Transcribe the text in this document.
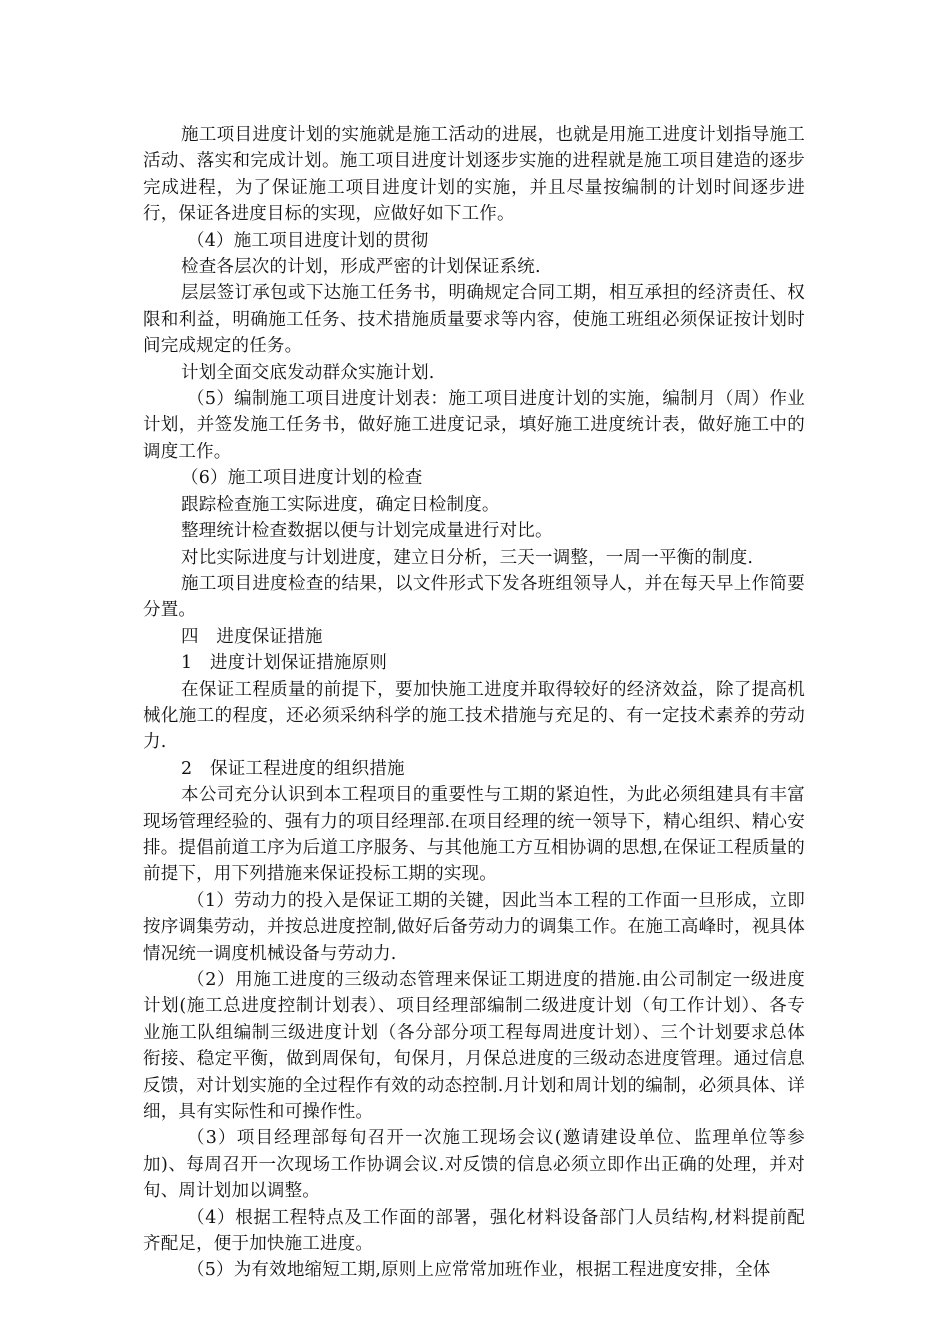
施工项目进度计划的实施就是施工活动的进展，也就是用施工进度计划指导施工活动、落实和完成计划。施工项目进度计划逐步实施的进程就是施工项目建造的逐步完成进程，为了保证施工项目进度计划的实施，并且尽量按编制的计划时间逐步进行，保证各进度目标的实现，应做好如下工作。

（4）施工项目进度计划的贯彻

检查各层次的计划，形成严密的计划保证系统.

层层签订承包或下达施工任务书，明确规定合同工期，相互承担的经济责任、权限和利益，明确施工任务、技术措施质量要求等内容，使施工班组必须保证按计划时间完成规定的任务。

计划全面交底发动群众实施计划.

（5）编制施工项目进度计划表：施工项目进度计划的实施，编制月（周）作业计划，并签发施工任务书，做好施工进度记录，填好施工进度统计表，做好施工中的调度工作。

（6）施工项目进度计划的检查

跟踪检查施工实际进度，确定日检制度。

整理统计检查数据以便与计划完成量进行对比。

对比实际进度与计划进度，建立日分析，三天一调整，一周一平衡的制度.

施工项目进度检查的结果，以文件形式下发各班组领导人，并在每天早上作简要分置。

四　进度保证措施

1　进度计划保证措施原则

在保证工程质量的前提下，要加快施工进度并取得较好的经济效益，除了提高机械化施工的程度，还必须采纳科学的施工技术措施与充足的、有一定技术素养的劳动力.

2　保证工程进度的组织措施

本公司充分认识到本工程项目的重要性与工期的紧迫性，为此必须组建具有丰富现场管理经验的、强有力的项目经理部.在项目经理的统一领导下，精心组织、精心安排。提倡前道工序为后道工序服务、与其他施工方互相协调的思想,在保证工程质量的前提下，用下列措施来保证投标工期的实现。

（1）劳动力的投入是保证工期的关键，因此当本工程的工作面一旦形成，立即按序调集劳动，并按总进度控制,做好后备劳动力的调集工作。在施工高峰时，视具体情况统一调度机械设备与劳动力.

（2）用施工进度的三级动态管理来保证工期进度的措施.由公司制定一级进度计划(施工总进度控制计划表）、项目经理部编制二级进度计划（旬工作计划）、各专业施工队组编制三级进度计划（各分部分项工程每周进度计划）、三个计划要求总体衔接、稳定平衡，做到周保旬，旬保月，月保总进度的三级动态进度管理。通过信息反馈，对计划实施的全过程作有效的动态控制.月计划和周计划的编制，必须具体、详细，具有实际性和可操作性。

（3）项目经理部每旬召开一次施工现场会议(邀请建设单位、监理单位等参加)、每周召开一次现场工作协调会议.对反馈的信息必须立即作出正确的处理，并对旬、周计划加以调整。

（4）根据工程特点及工作面的部署，强化材料设备部门人员结构,材料提前配齐配足，便于加快施工进度。

（5）为有效地缩短工期,原则上应常常加班作业，根据工程进度安排，全体
